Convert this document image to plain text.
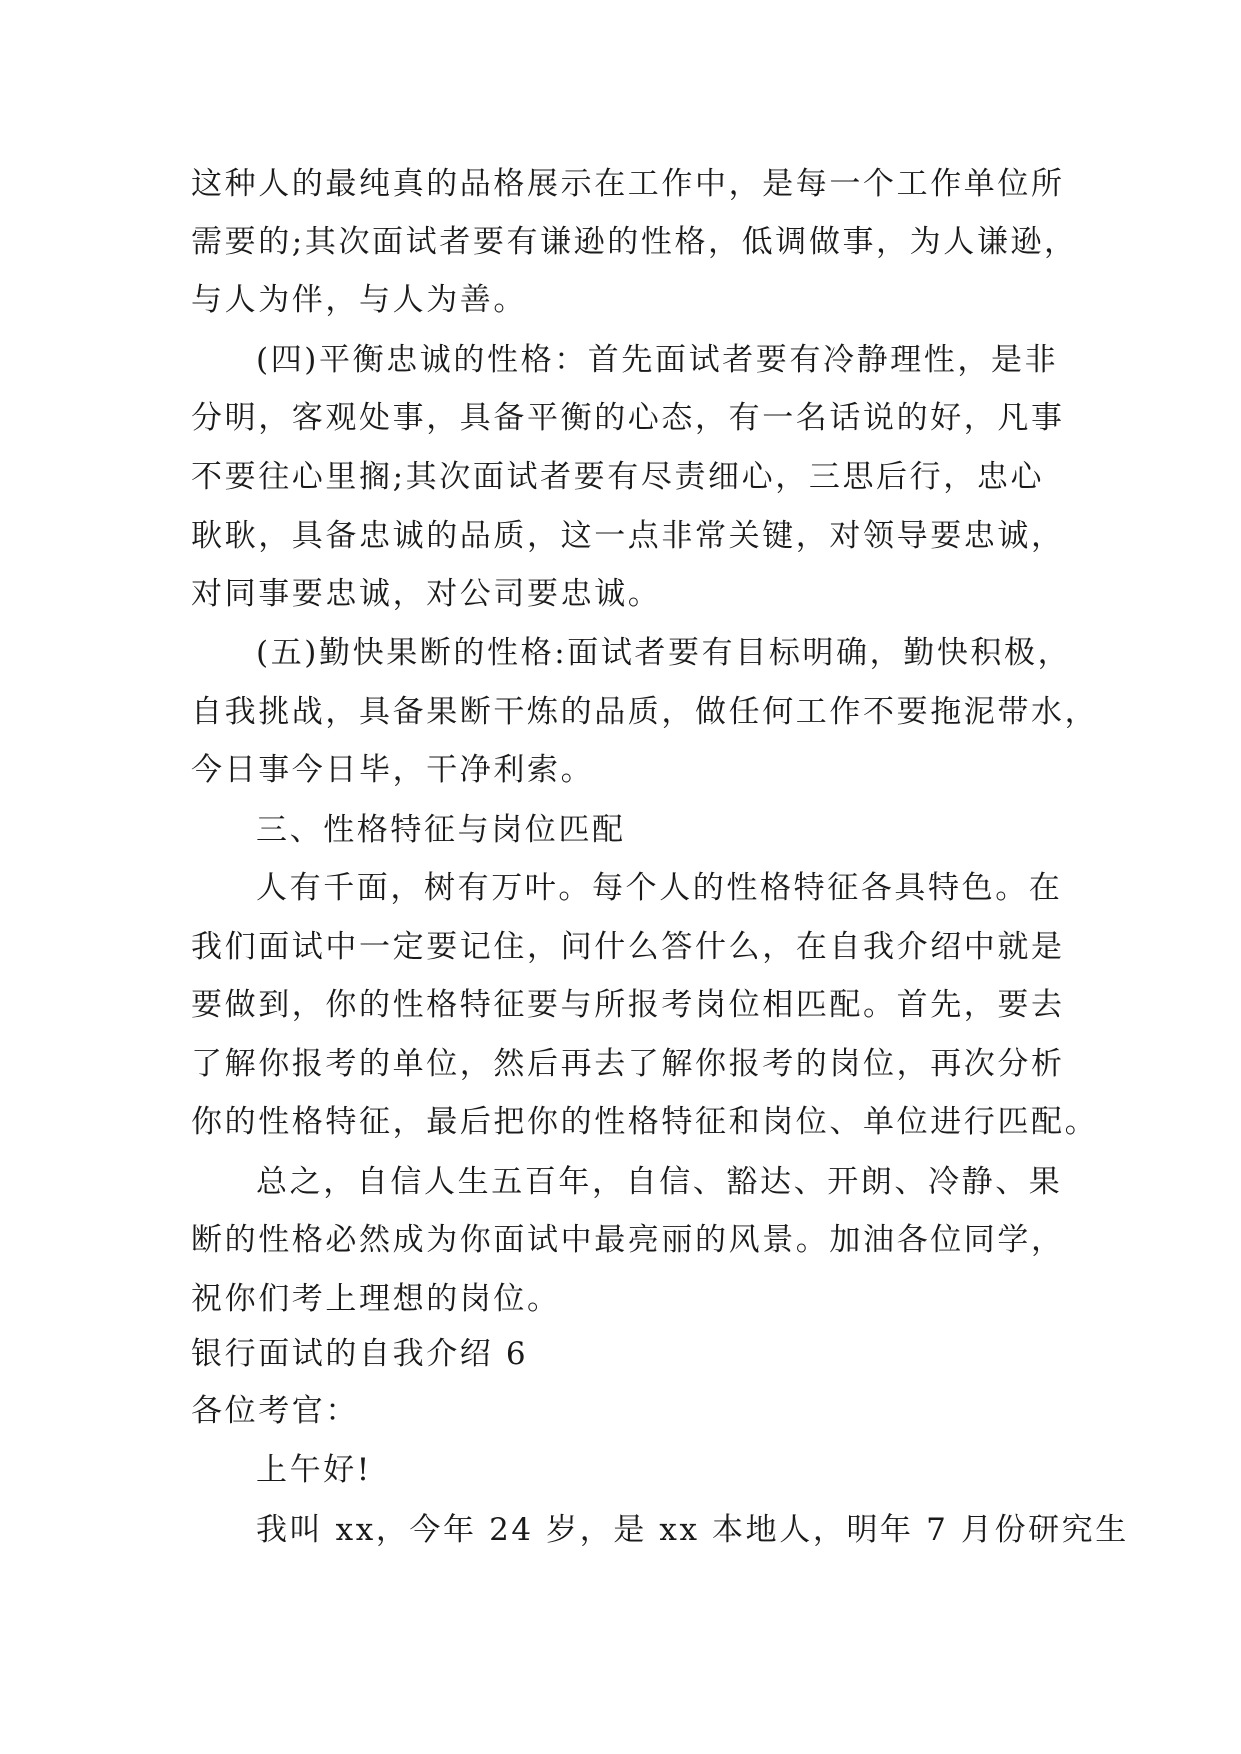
这种人的最纯真的品格展示在工作中，是每一个工作单位所
需要的;其次面试者要有谦逊的性格，低调做事，为人谦逊，
与人为伴，与人为善。
(四)平衡忠诚的性格：首先面试者要有冷静理性，是非
分明，客观处事，具备平衡的心态，有一名话说的好，凡事
不要往心里搁;其次面试者要有尽责细心，三思后行，忠心
耿耿，具备忠诚的品质，这一点非常关键，对领导要忠诚，
对同事要忠诚，对公司要忠诚。
(五)勤快果断的性格:面试者要有目标明确，勤快积极，
自我挑战，具备果断干炼的品质，做任何工作不要拖泥带水，
今日事今日毕，干净利索。
三、性格特征与岗位匹配
人有千面，树有万叶。每个人的性格特征各具特色。在
我们面试中一定要记住，问什么答什么，在自我介绍中就是
要做到，你的性格特征要与所报考岗位相匹配。首先，要去
了解你报考的单位，然后再去了解你报考的岗位，再次分析
你的性格特征，最后把你的性格特征和岗位、单位进行匹配。
总之，自信人生五百年，自信、豁达、开朗、冷静、果
断的性格必然成为你面试中最亮丽的风景。加油各位同学，
祝你们考上理想的岗位。
银行面试的自我介绍 6
各位考官：
上午好!
我叫 xx，今年 24 岁，是 xx 本地人，明年 7 月份研究生
